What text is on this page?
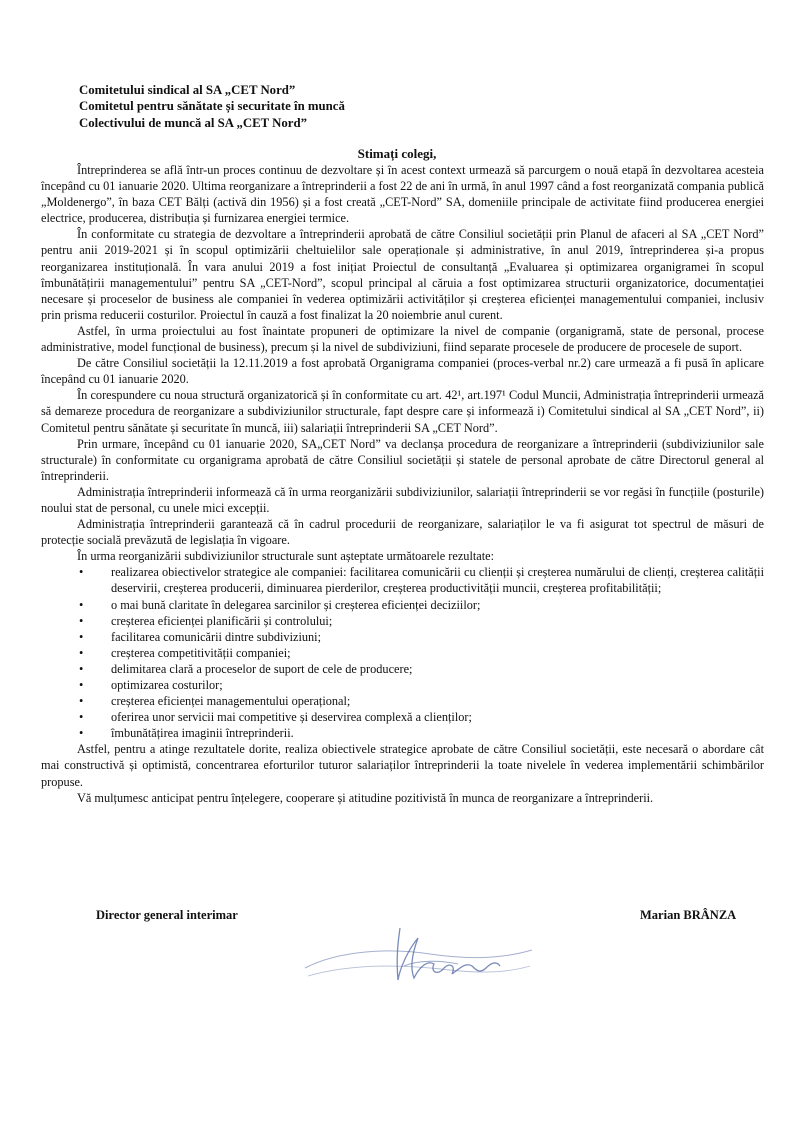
Comitetului sindical al SA „CET Nord”
Comitetul pentru sănătate și securitate în muncă
Colectivului de muncă al SA „CET Nord”
Stimați colegi,

Întreprinderea se află într-un proces continuu de dezvoltare și în acest context urmează să parcurgem o nouă etapă în dezvoltarea acesteia începând cu 01 ianuarie 2020. Ultima reorganizare a întreprinderii a fost 22 de ani în urmă, în anul 1997 când a fost reorganizată compania publică „Moldenergo”, în baza CET Bălți (activă din 1956) și a fost creată „CET-Nord” SA, domeniile principale de activitate fiind producerea energiei electrice, producerea, distribuția și furnizarea energiei termice.

În conformitate cu strategia de dezvoltare a întreprinderii aprobată de către Consiliul societății prin Planul de afaceri al SA „CET Nord” pentru anii 2019-2021 și în scopul optimizării cheltuielilor sale operaționale și administrative, în anul 2019, întreprinderea și-a propus reorganizarea instituțională. În vara anului 2019 a fost inițiat Proiectul de consultanță „Evaluarea și optimizarea organigramei în scopul îmbunătățirii managementului” pentru SA „CET-Nord”, scopul principal al căruia a fost optimizarea structurii organizatorice, documentației necesare și proceselor de business ale companiei în vederea optimizării activităților și creșterea eficienței managementului companiei, inclusiv prin prisma reducerii costurilor. Proiectul în cauză a fost finalizat la 20 noiembrie anul curent.

Astfel, în urma proiectului au fost înaintate propuneri de optimizare la nivel de companie (organigramă, state de personal, procese administrative, model funcțional de business), precum și la nivel de subdiviziuni, fiind separate procesele de producere de procesele de suport.

De către Consiliul societății la 12.11.2019 a fost aprobată Organigrama companiei (proces-verbal nr.2) care urmează a fi pusă în aplicare începând cu 01 ianuarie 2020.

În corespundere cu noua structură organizatorică și în conformitate cu art. 42¹, art.197¹ Codul Muncii, Administrația întreprinderii urmează să demareze procedura de reorganizare a subdiviziunilor structurale, fapt despre care și informează i) Comitetului sindical al SA „CET Nord”, ii) Comitetul pentru sănătate și securitate în muncă, iii) salariații întreprinderii SA „CET Nord”.

Prin urmare, începând cu 01 ianuarie 2020, SA„CET Nord” va declanșa procedura de reorganizare a întreprinderii (subdiviziunilor sale structurale) în conformitate cu organigrama aprobată de către Consiliul societății și statele de personal aprobate de către Directorul general al întreprinderii.

Administrația întreprinderii informează că în urma reorganizării subdiviziunilor, salariații întreprinderii se vor regăsi în funcțiile (posturile) noului stat de personal, cu unele mici excepții.

Administrația întreprinderii garantează că în cadrul procedurii de reorganizare, salariaților le va fi asigurat tot spectrul de măsuri de protecție socială prevăzută de legislația în vigoare.

În urma reorganizării subdiviziunilor structurale sunt așteptate următoarele rezultate:

• realizarea obiectivelor strategice ale companiei: facilitarea comunicării cu clienții și creșterea numărului de clienți, creșterea calității deservirii, creșterea producerii, diminuarea pierderilor, creșterea productivității muncii, creșterea profitabilității;
• o mai bună claritate în delegarea sarcinilor și creșterea eficienței deciziilor;
• creșterea eficienței planificării și controlului;
• facilitarea comunicării dintre subdiviziuni;
• creșterea competitivității companiei;
• delimitarea clară a proceselor de suport de cele de producere;
• optimizarea costurilor;
• creșterea eficienței managementului operațional;
• oferirea unor servicii mai competitive și deservirea complexă a clienților;
• îmbunătățirea imaginii întreprinderii.

Astfel, pentru a atinge rezultatele dorite, realiza obiectivele strategice aprobate de către Consiliul societății, este necesară o abordare cât mai constructivă și optimistă, concentrarea eforturilor tuturor salariaților întreprinderii la toate nivelele în vederea implementării schimbărilor propuse.

Vă mulțumesc anticipat pentru înțelegere, cooperare și atitudine pozitivistă în munca de reorganizare a întreprinderii.

Director general interimar	Marian BRÂNZA
